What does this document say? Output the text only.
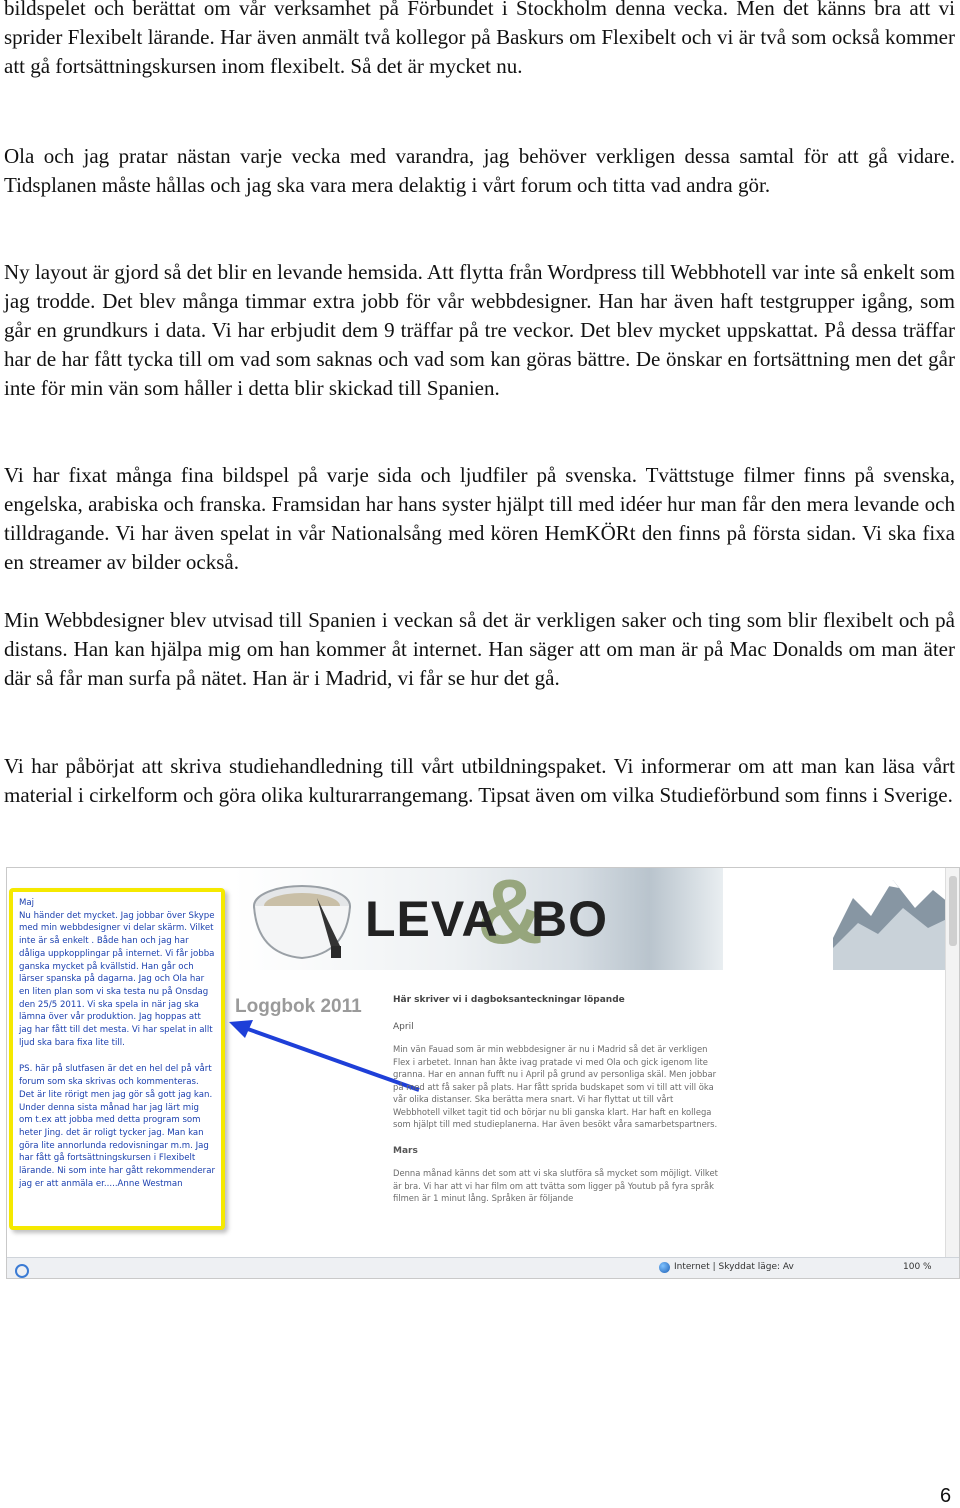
bildspelet och berättat om vår verksamhet på Förbundet i Stockholm denna vecka. Men det känns bra att vi sprider Flexibelt lärande. Har även anmält två kollegor på Baskurs om Flexibelt och vi är två som också kommer att gå fortsättningskursen inom flexibelt. Så det är mycket nu.

Ola och jag pratar nästan varje vecka med varandra, jag behöver verkligen dessa samtal för att gå vidare. Tidsplanen måste hållas och jag ska vara mera delaktig i vårt forum och titta vad andra gör.

Ny layout är gjord så det blir en levande hemsida. Att flytta från Wordpress till Webbhotell var inte så enkelt som jag trodde. Det blev många timmar extra jobb för vår webbdesigner. Han har även haft testgrupper igång, som går en grundkurs i data. Vi har erbjudit dem 9 träffar på tre veckor. Det blev mycket uppskattat. På dessa träffar har de har fått tycka till om vad som saknas och vad som kan göras bättre. De önskar en fortsättning men det går inte för min vän som håller i detta blir skickad till Spanien.

Vi har fixat många fina bildspel på varje sida och ljudfiler på svenska. Tvättstuge filmer finns på svenska, engelska, arabiska och franska. Framsidan har hans syster hjälpt till med idéer hur man får den mera levande och tilldragande. Vi har även spelat in vår Nationalsång med kören HemKÖRt den finns på första sidan. Vi ska fixa en streamer av bilder också.

Min Webbdesigner blev utvisad till Spanien i veckan så det är verkligen saker och ting som blir flexibelt och på distans. Han kan hjälpa mig om han kommer åt internet. Han säger att om man är på Mac Donalds om man äter där så får man surfa på nätet. Han är i Madrid, vi får se hur det gå.

Vi har påbörjat att skriva studiehandledning till vårt utbildningspaket. Vi informerar om att man kan läsa vårt material i cirkelform och göra olika kulturarrangemang. Tipsat även om vilka Studieförbund som finns i Sverige.

LEVA
&
BO

Maj
Nu händer det mycket. Jag jobbar över Skype med min webbdesigner vi delar skärm. Vilket inte är så enkelt . Både han och jag har dåliga uppkopplingar på internet. Vi får jobba ganska mycket på kvällstid. Han går och lärser spanska på dagarna. Jag och Ola har en liten plan som vi ska testa nu på Onsdag den 25/5 2011. Vi ska spela in när jag ska lämna över vår produktion. Jag hoppas att jag har fått till det mesta. Vi har spelat in allt ljud ska bara fixa lite till.

PS. här på slutfasen är det en hel del på vårt forum som ska skrivas och kommenteras. Det är lite rörigt men jag gör så gott jag kan. Under denna sista månad har jag lärt mig om t.ex att jobba med detta program som heter Jing. det är roligt tycker jag. Man kan göra lite annorlunda redovisningar m.m. Jag har fått gå fortsättningskursen i Flexibelt lärande. Ni som inte har gått rekommenderar jag er att anmäla er.....Anne Westman

Loggbok 2011	Här skriver vi i dagboksanteckningar löpande

April

Min vän Fauad som är min webbdesigner är nu i Madrid så det är verkligen Flex i arbetet. Innan han åkte ivag pratade vi med Ola och gick igenom lite granna. Har en annan fufft nu i April på grund av personliga skäl. Men jobbar på med att få saker på plats. Har fått sprida budskapet som vi till att vill öka vår olika distanser. Ska berätta mera snart. Vi har flyttat ut till vårt Webbhotell vilket tagit tid och börjar nu bli ganska klart. Har haft en kollega som hjälpt till med studieplanerna. Har även besökt våra samarbetspartners.

Mars

Denna månad känns det som att vi ska slutföra så mycket som möjligt. Vilket är bra. Vi har att vi har film om att tvätta som ligger på Youtub på fyra språk filmen är 1 minut lång. Språken är följande

Internet | Skyddat läge: Av	100 %
6
